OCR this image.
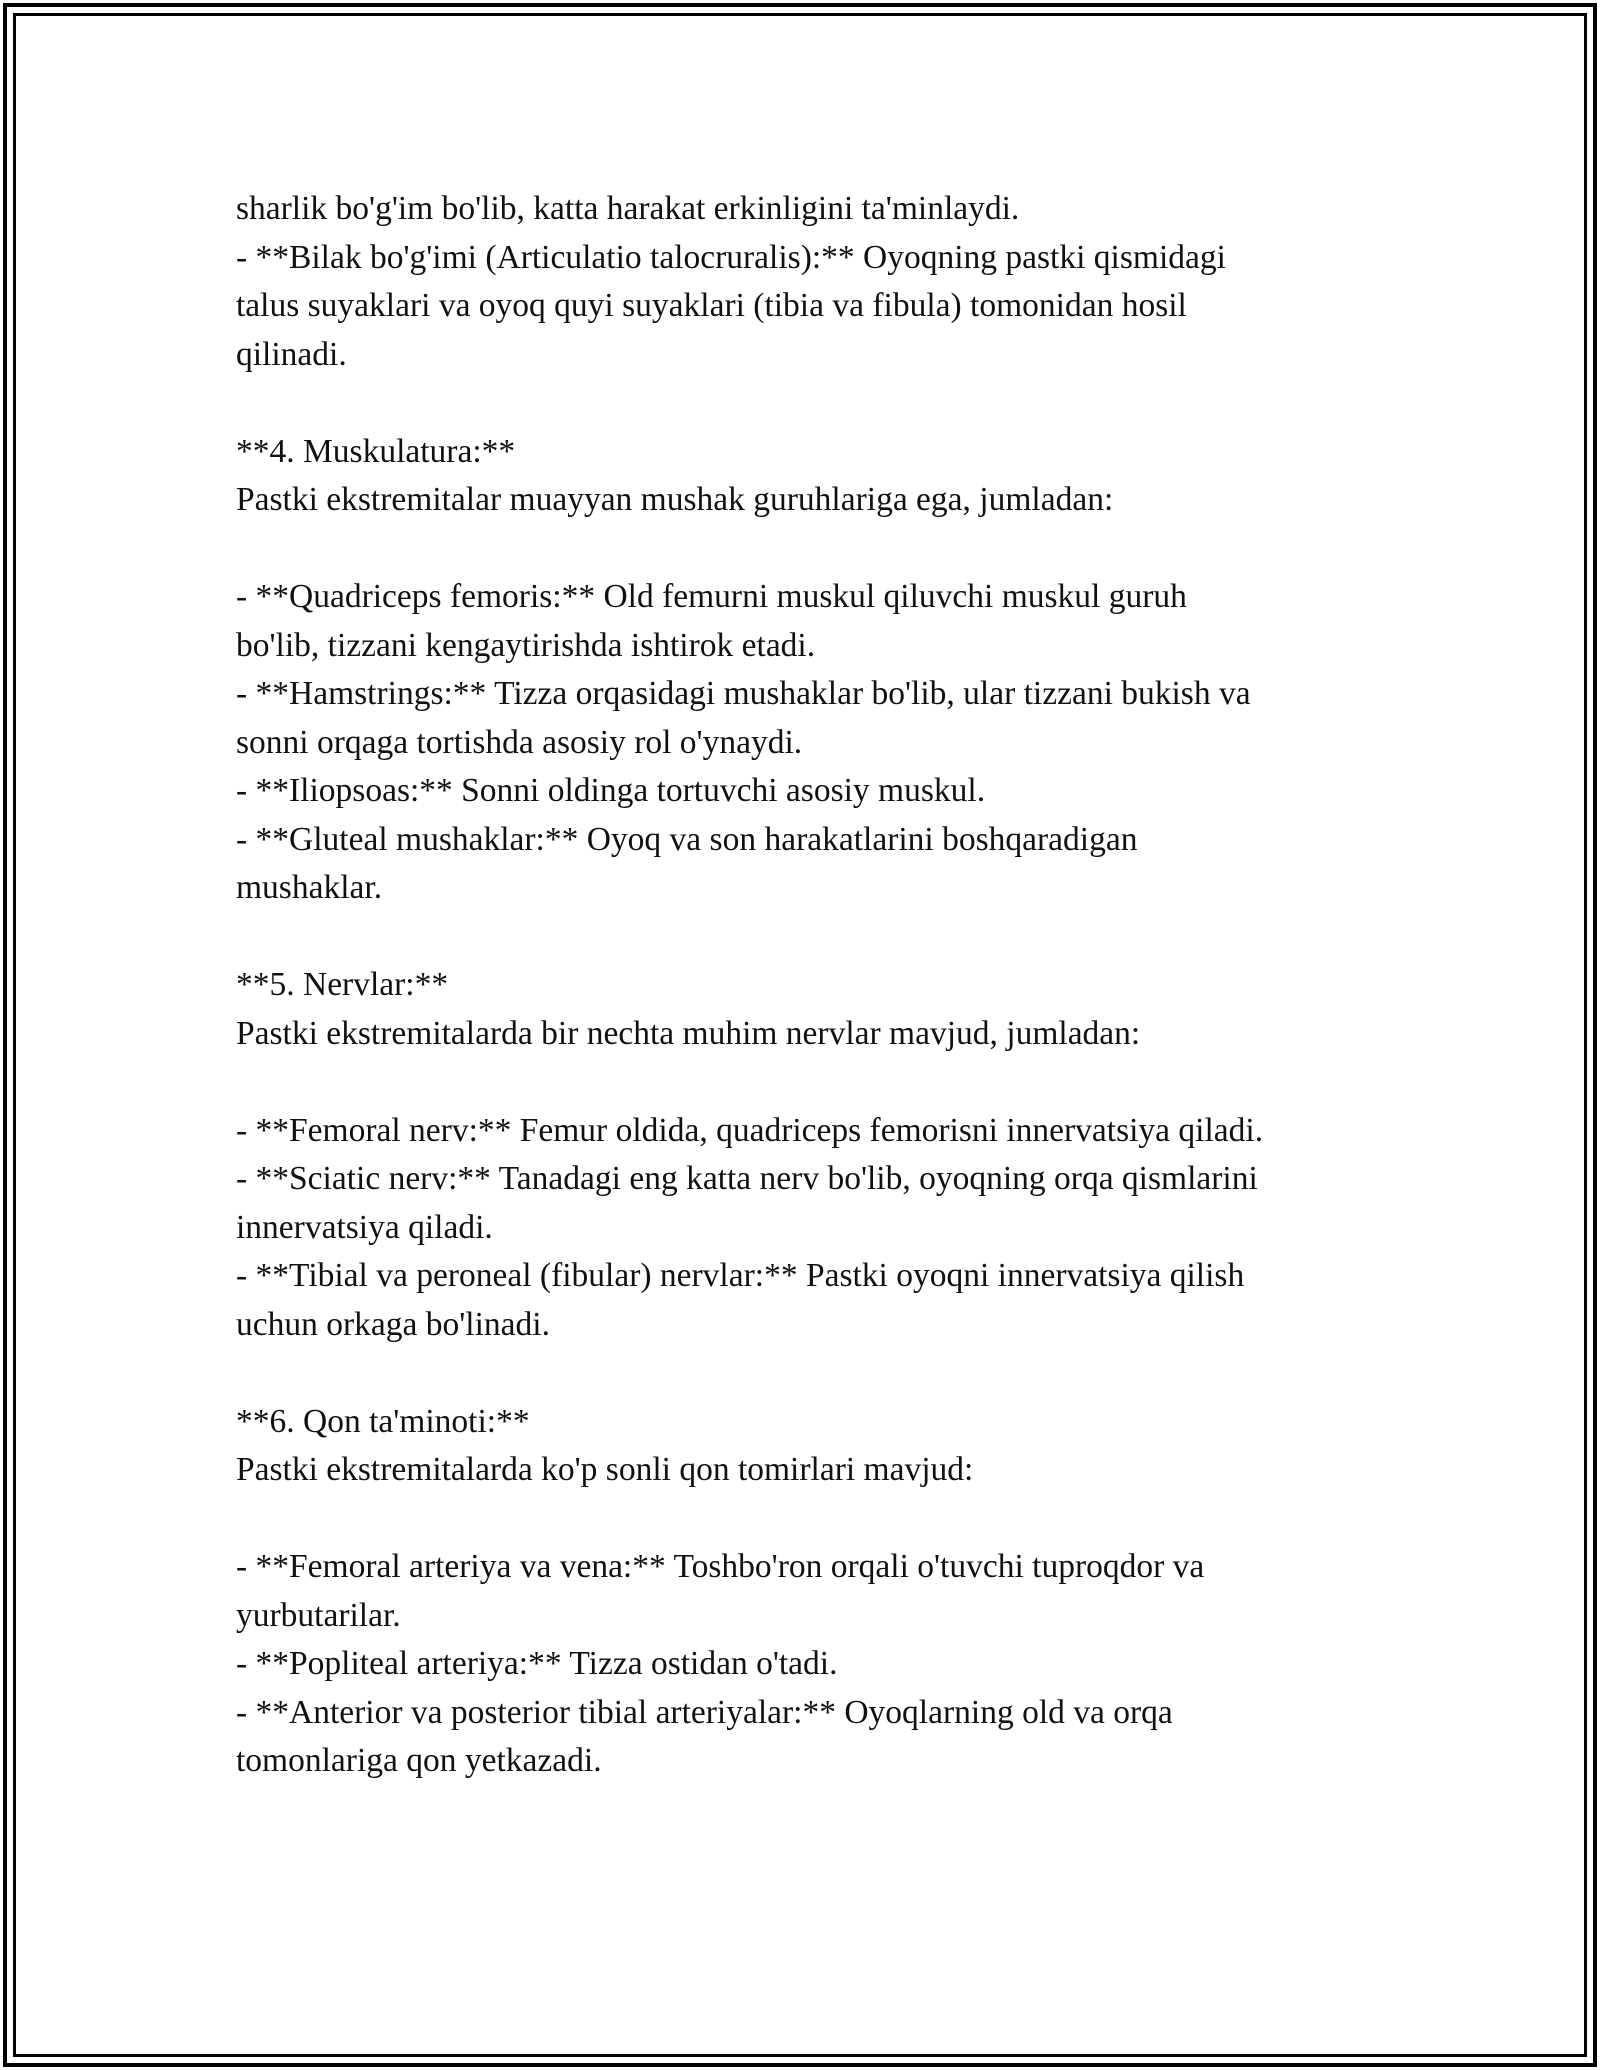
sharlik bo'g'im bo'lib, katta harakat erkinligini ta'minlaydi.
- **Bilak bo'g'imi (Articulatio talocruralis):** Oyoqning pastki qismidagi
talus suyaklari va oyoq quyi suyaklari (tibia va fibula) tomonidan hosil
qilinadi.
**4. Muskulatura:**
Pastki ekstremitalar muayyan mushak guruhlariga ega, jumladan:
- **Quadriceps femoris:** Old femurni muskul qiluvchi muskul guruh
bo'lib, tizzani kengaytirishda ishtirok etadi.
- **Hamstrings:** Tizza orqasidagi mushaklar bo'lib, ular tizzani bukish va
sonni orqaga tortishda asosiy rol o'ynaydi.
- **Iliopsoas:** Sonni oldinga tortuvchi asosiy muskul.
- **Gluteal mushaklar:** Oyoq va son harakatlarini boshqaradigan
mushaklar.
**5. Nervlar:**
Pastki ekstremitalarda bir nechta muhim nervlar mavjud, jumladan:
- **Femoral nerv:** Femur oldida, quadriceps femorisni innervatsiya qiladi.
- **Sciatic nerv:** Tanadagi eng katta nerv bo'lib, oyoqning orqa qismlarini
innervatsiya qiladi.
- **Tibial va peroneal (fibular) nervlar:** Pastki oyoqni innervatsiya qilish
uchun orkaga bo'linadi.
**6. Qon ta'minoti:**
Pastki ekstremitalarda ko'p sonli qon tomirlari mavjud:
- **Femoral arteriya va vena:** Toshbo'ron orqali o'tuvchi tuproqdor va
yurbutarilar.
- **Popliteal arteriya:** Tizza ostidan o'tadi.
- **Anterior va posterior tibial arteriyalar:** Oyoqlarning old va orqa
tomonlariga qon yetkazadi.
